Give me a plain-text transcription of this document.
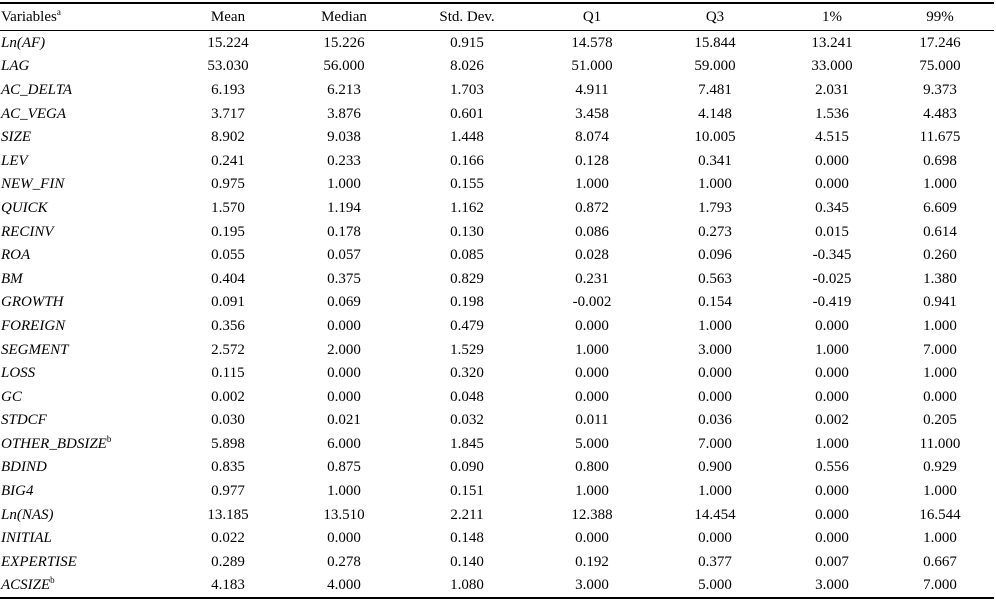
Variables$^a$	Mean	Median	Std. Dev.	Q1	Q3	1%	99%
Ln(AF)	15.224	15.226	0.915	14.578	15.844	13.241	17.246
LAG	53.030	56.000	8.026	51.000	59.000	33.000	75.000
AC_DELTA	6.193	6.213	1.703	4.911	7.481	2.031	9.373
AC_VEGA	3.717	3.876	0.601	3.458	4.148	1.536	4.483
SIZE	8.902	9.038	1.448	8.074	10.005	4.515	11.675
LEV	0.241	0.233	0.166	0.128	0.341	0.000	0.698
NEW_FIN	0.975	1.000	0.155	1.000	1.000	0.000	1.000
QUICK	1.570	1.194	1.162	0.872	1.793	0.345	6.609
RECINV	0.195	0.178	0.130	0.086	0.273	0.015	0.614
ROA	0.055	0.057	0.085	0.028	0.096	-0.345	0.260
BM	0.404	0.375	0.829	0.231	0.563	-0.025	1.380
GROWTH	0.091	0.069	0.198	-0.002	0.154	-0.419	0.941
FOREIGN	0.356	0.000	0.479	0.000	1.000	0.000	1.000
SEGMENT	2.572	2.000	1.529	1.000	3.000	1.000	7.000
LOSS	0.115	0.000	0.320	0.000	0.000	0.000	1.000
GC	0.002	0.000	0.048	0.000	0.000	0.000	0.000
STDCF	0.030	0.021	0.032	0.011	0.036	0.002	0.205
OTHER_BDSIZE$^b$	5.898	6.000	1.845	5.000	7.000	1.000	11.000
BDIND	0.835	0.875	0.090	0.800	0.900	0.556	0.929
BIG4	0.977	1.000	0.151	1.000	1.000	0.000	1.000
Ln(NAS)	13.185	13.510	2.211	12.388	14.454	0.000	16.544
INITIAL	0.022	0.000	0.148	0.000	0.000	0.000	1.000
EXPERTISE	0.289	0.278	0.140	0.192	0.377	0.007	0.667
ACSIZE$^b$	4.183	4.000	1.080	3.000	5.000	3.000	7.000
